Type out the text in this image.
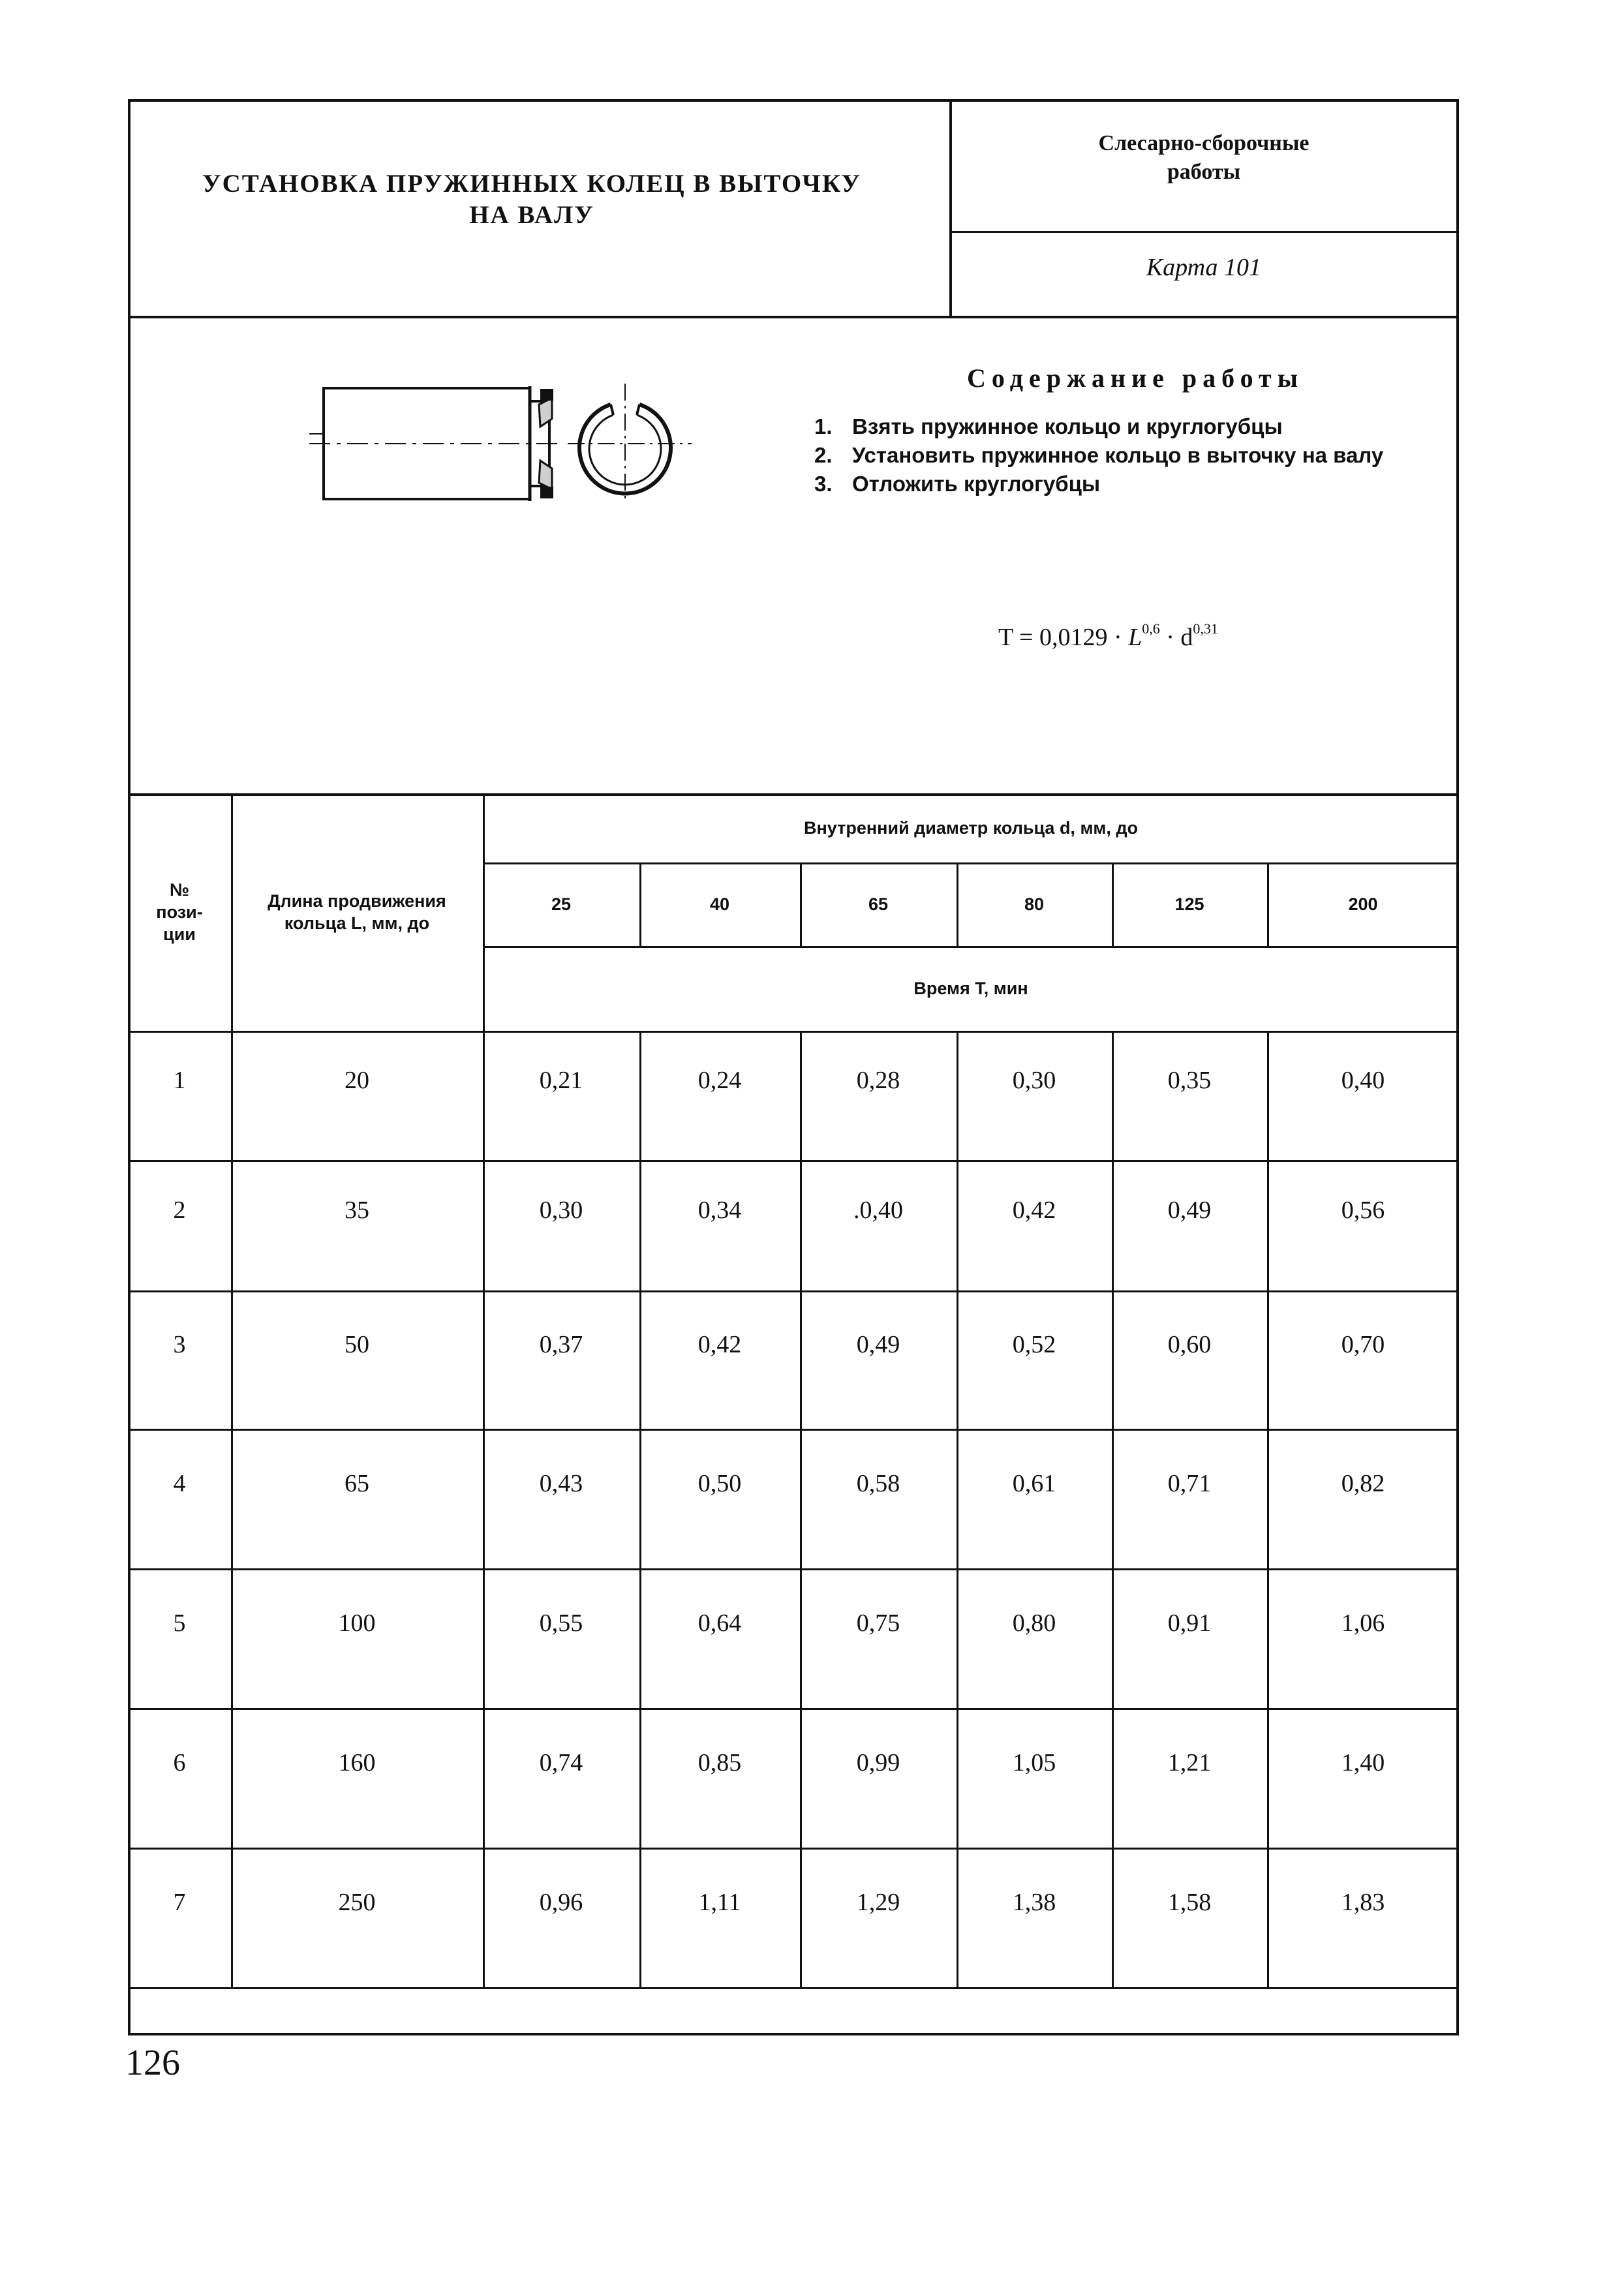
УСТАНОВКА ПРУЖИННЫХ КОЛЕЦ В ВЫТОЧКУ
НА ВАЛУ
Слесарно-сборочные
работы
Карта 101
Содержание работы
1. Взять пружинное кольцо и круглогубцы
2. Установить пружинное кольцо в выточку на валу
3. Отложить круглогубцы
$T = 0,0129 \cdot L^{0,6} \cdot d^{0,31}$
№ пози- ции
Длина продвижения кольца L, мм, до
Внутренний диаметр кольца d, мм, до
25	40	65	80	125	200
Время T, мин
1	20	0,21	0,24	0,28	0,30	0,35	0,40
2	35	0,30	0,34	.0,40	0,42	0,49	0,56
3	50	0,37	0,42	0,49	0,52	0,60	0,70
4	65	0,43	0,50	0,58	0,61	0,71	0,82
5	100	0,55	0,64	0,75	0,80	0,91	1,06
6	160	0,74	0,85	0,99	1,05	1,21	1,40
7	250	0,96	1,11	1,29	1,38	1,58	1,83
126
